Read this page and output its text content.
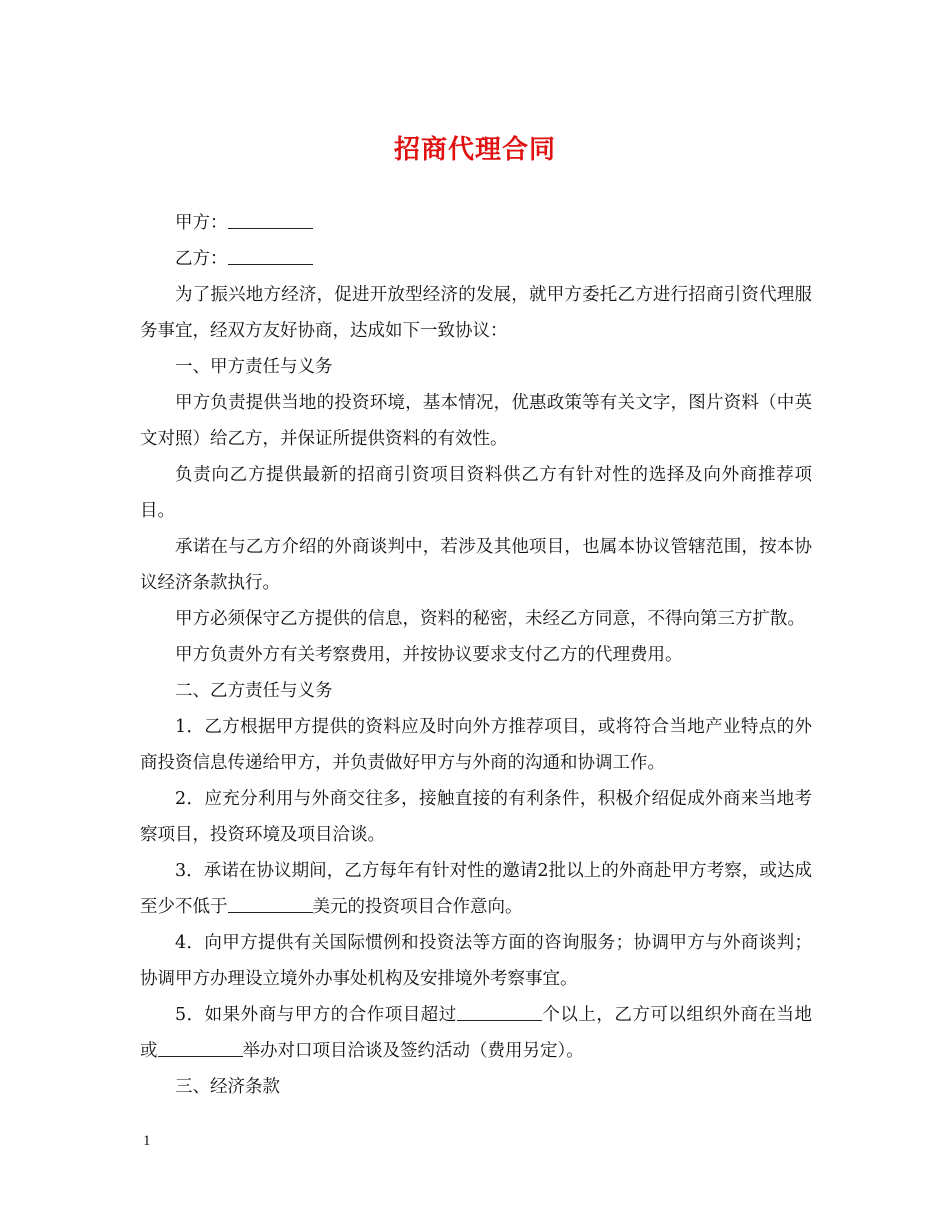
招商代理合同

甲方：

乙方：

为了振兴地方经济，促进开放型经济的发展，就甲方委托乙方进行招商引资代理服务事宜，经双方友好协商，达成如下一致协议：

一、甲方责任与义务

甲方负责提供当地的投资环境，基本情况，优惠政策等有关文字，图片资料（中英文对照）给乙方，并保证所提供资料的有效性。

负责向乙方提供最新的招商引资项目资料供乙方有针对性的选择及向外商推荐项目。

承诺在与乙方介绍的外商谈判中，若涉及其他项目，也属本协议管辖范围，按本协议经济条款执行。

甲方必须保守乙方提供的信息，资料的秘密，未经乙方同意，不得向第三方扩散。

甲方负责外方有关考察费用，并按协议要求支付乙方的代理费用。

二、乙方责任与义务

1．乙方根据甲方提供的资料应及时向外方推荐项目，或将符合当地产业特点的外商投资信息传递给甲方，并负责做好甲方与外商的沟通和协调工作。

2．应充分利用与外商交往多，接触直接的有利条件，积极介绍促成外商来当地考察项目，投资环境及项目洽谈。

3．承诺在协议期间，乙方每年有针对性的邀请2批以上的外商赴甲方考察，或达成至少不低于	美元的投资项目合作意向。

4．向甲方提供有关国际惯例和投资法等方面的咨询服务；协调甲方与外商谈判；协调甲方办理设立境外办事处机构及安排境外考察事宜。

5．如果外商与甲方的合作项目超过	个以上，乙方可以组织外商在当地或	举办对口项目洽谈及签约活动（费用另定）。

三、经济条款

1
